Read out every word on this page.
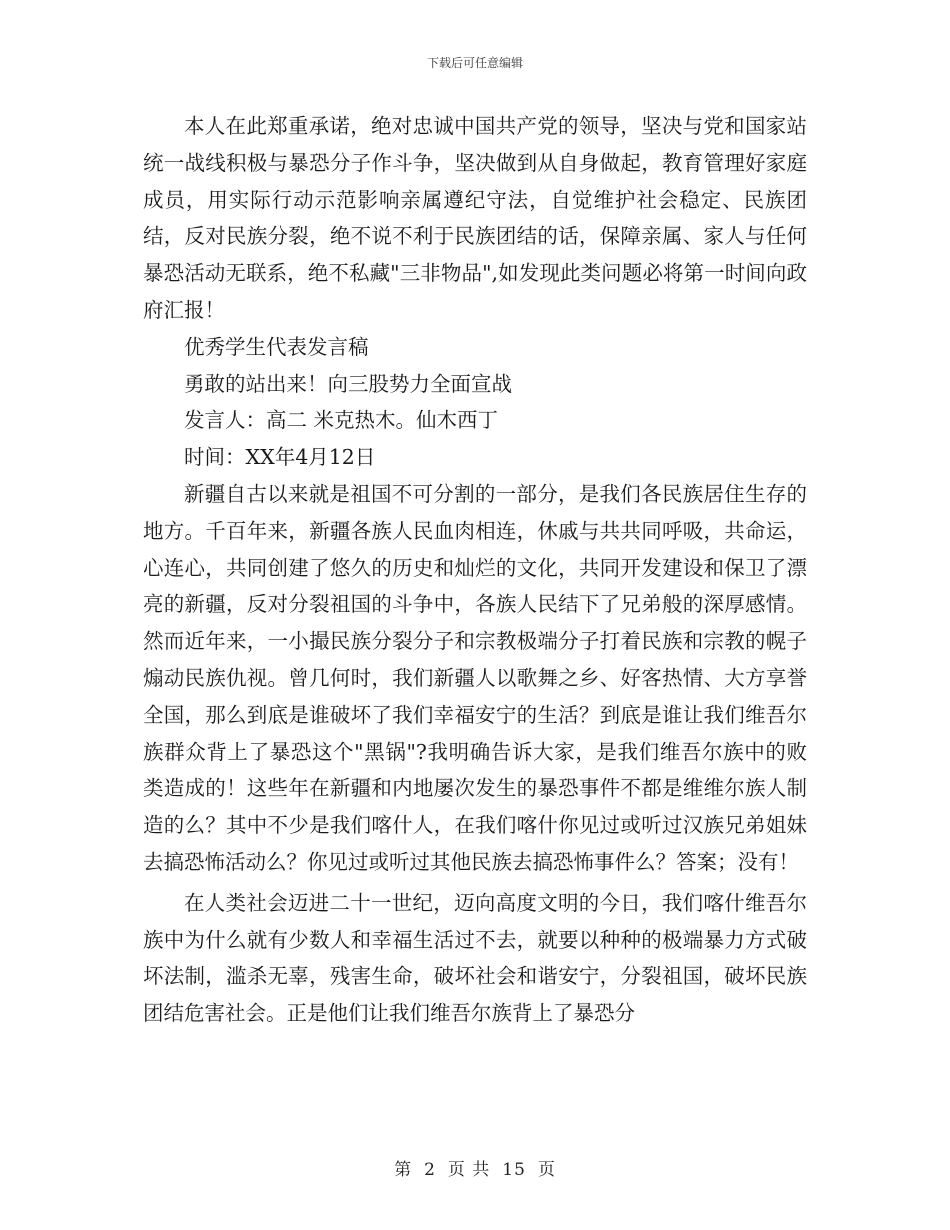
下载后可任意编辑

本人在此郑重承诺，绝对忠诚中国共产党的领导，坚决与党和国家站统一战线积极与暴恐分子作斗争，坚决做到从自身做起，教育管理好家庭成员，用实际行动示范影响亲属遵纪守法，自觉维护社会稳定、民族团结，反对民族分裂，绝不说不利于民族团结的话，保障亲属、家人与任何暴恐活动无联系，绝不私藏"三非物品",如发现此类问题必将第一时间向政府汇报！

优秀学生代表发言稿

勇敢的站出来！向三股势力全面宣战

发言人：高二 米克热木。仙木西丁

时间：XX年4月12日

新疆自古以来就是祖国不可分割的一部分，是我们各民族居住生存的地方。千百年来，新疆各族人民血肉相连，休戚与共共同呼吸，共命运，心连心，共同创建了悠久的历史和灿烂的文化，共同开发建设和保卫了漂亮的新疆，反对分裂祖国的斗争中，各族人民结下了兄弟般的深厚感情。然而近年来，一小撮民族分裂分子和宗教极端分子打着民族和宗教的幌子煽动民族仇视。曾几何时，我们新疆人以歌舞之乡、好客热情、大方享誉全国，那么到底是谁破坏了我们幸福安宁的生活？到底是谁让我们维吾尔族群众背上了暴恐这个"黑锅"?我明确告诉大家，是我们维吾尔族中的败类造成的！这些年在新疆和内地屡次发生的暴恐事件不都是维维尔族人制造的么？其中不少是我们喀什人，在我们喀什你见过或听过汉族兄弟姐妹去搞恐怖活动么？你见过或听过其他民族去搞恐怖事件么？答案；没有！

在人类社会迈进二十一世纪，迈向高度文明的今日，我们喀什维吾尔族中为什么就有少数人和幸福生活过不去，就要以种种的极端暴力方式破坏法制，滥杀无辜，残害生命，破坏社会和谐安宁，分裂祖国，破坏民族团结危害社会。正是他们让我们维吾尔族背上了暴恐分

第 2 页 共 15 页
